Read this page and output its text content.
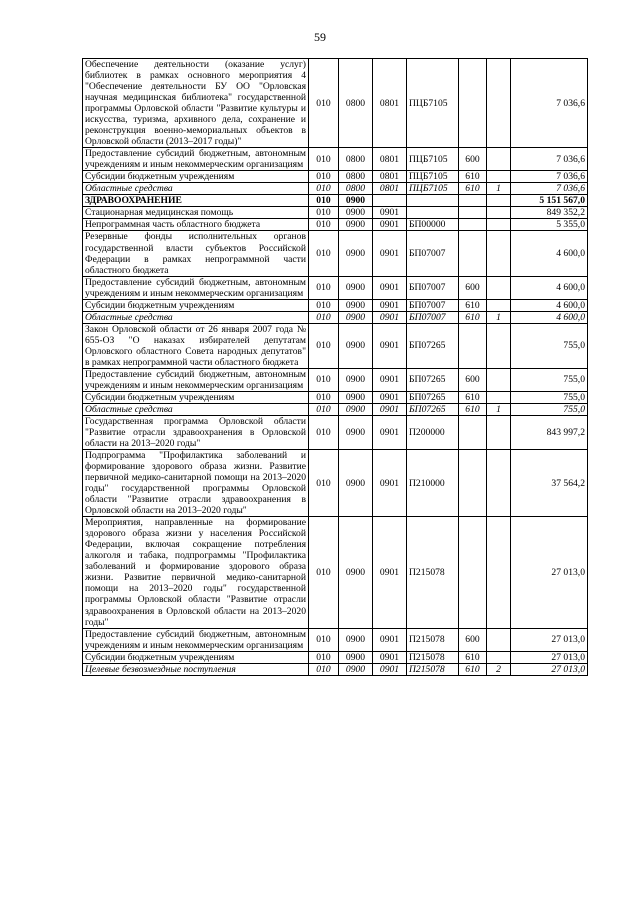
59
Обеспечение деятельности (оказание услуг) библиотек в рамках основного мероприятия 4 "Обеспечение деятельности БУ ОО "Орловская научная медицинская библиотека" государственной программы Орловской области "Развитие культуры и искусства, туризма, архивного дела, сохранение и реконструкция военно-мемориальных объектов в Орловской области (2013–2017 годы)"	010	0800	0801	ПЦБ7105			7 036,6
Предоставление субсидий бюджетным, автономным учреждениям и иным некоммерческим организациям	010	0800	0801	ПЦБ7105	600		7 036,6
Субсидии бюджетным учреждениям	010	0800	0801	ПЦБ7105	610		7 036,6
Областные средства	010	0800	0801	ПЦБ7105	610	1	7 036,6
ЗДРАВООХРАНЕНИЕ	010	0900					5 151 567,0
Стационарная медицинская помощь	010	0900	0901				849 352,2
Непрограммная часть областного бюджета	010	0900	0901	БП00000			5 355,0
Резервные фонды исполнительных органов государственной власти субъектов Российской Федерации в рамках непрограммной части областного бюджета	010	0900	0901	БП07007			4 600,0
Предоставление субсидий бюджетным, автономным учреждениям и иным некоммерческим организациям	010	0900	0901	БП07007	600		4 600,0
Субсидии бюджетным учреждениям	010	0900	0901	БП07007	610		4 600,0
Областные средства	010	0900	0901	БП07007	610	1	4 600,0
Закон Орловской области от 26 января 2007 года № 655-ОЗ "О наказах избирателей депутатам Орловского областного Совета народных депутатов" в рамках непрограммной части областного бюджета	010	0900	0901	БП07265			755,0
Предоставление субсидий бюджетным, автономным учреждениям и иным некоммерческим организациям	010	0900	0901	БП07265	600		755,0
Субсидии бюджетным учреждениям	010	0900	0901	БП07265	610		755,0
Областные средства	010	0900	0901	БП07265	610	1	755,0
Государственная программа Орловской области "Развитие отрасли здравоохранения в Орловской области на 2013–2020 годы"	010	0900	0901	П200000			843 997,2
Подпрограмма "Профилактика заболеваний и формирование здорового образа жизни. Развитие первичной медико-санитарной помощи на 2013–2020 годы" государственной программы Орловской области "Развитие отрасли здравоохранения в Орловской области на 2013–2020 годы"	010	0900	0901	П210000			37 564,2
Мероприятия, направленные на формирование здорового образа жизни у населения Российской Федерации, включая сокращение потребления алкоголя и табака, подпрограммы "Профилактика заболеваний и формирование здорового образа жизни. Развитие первичной медико-санитарной помощи на 2013–2020 годы" государственной программы Орловской области "Развитие отрасли здравоохранения в Орловской области на 2013–2020 годы"	010	0900	0901	П215078			27 013,0
Предоставление субсидий бюджетным, автономным учреждениям и иным некоммерческим организациям	010	0900	0901	П215078	600		27 013,0
Субсидии бюджетным учреждениям	010	0900	0901	П215078	610		27 013,0
Целевые безвозмездные поступления	010	0900	0901	П215078	610	2	27 013,0
